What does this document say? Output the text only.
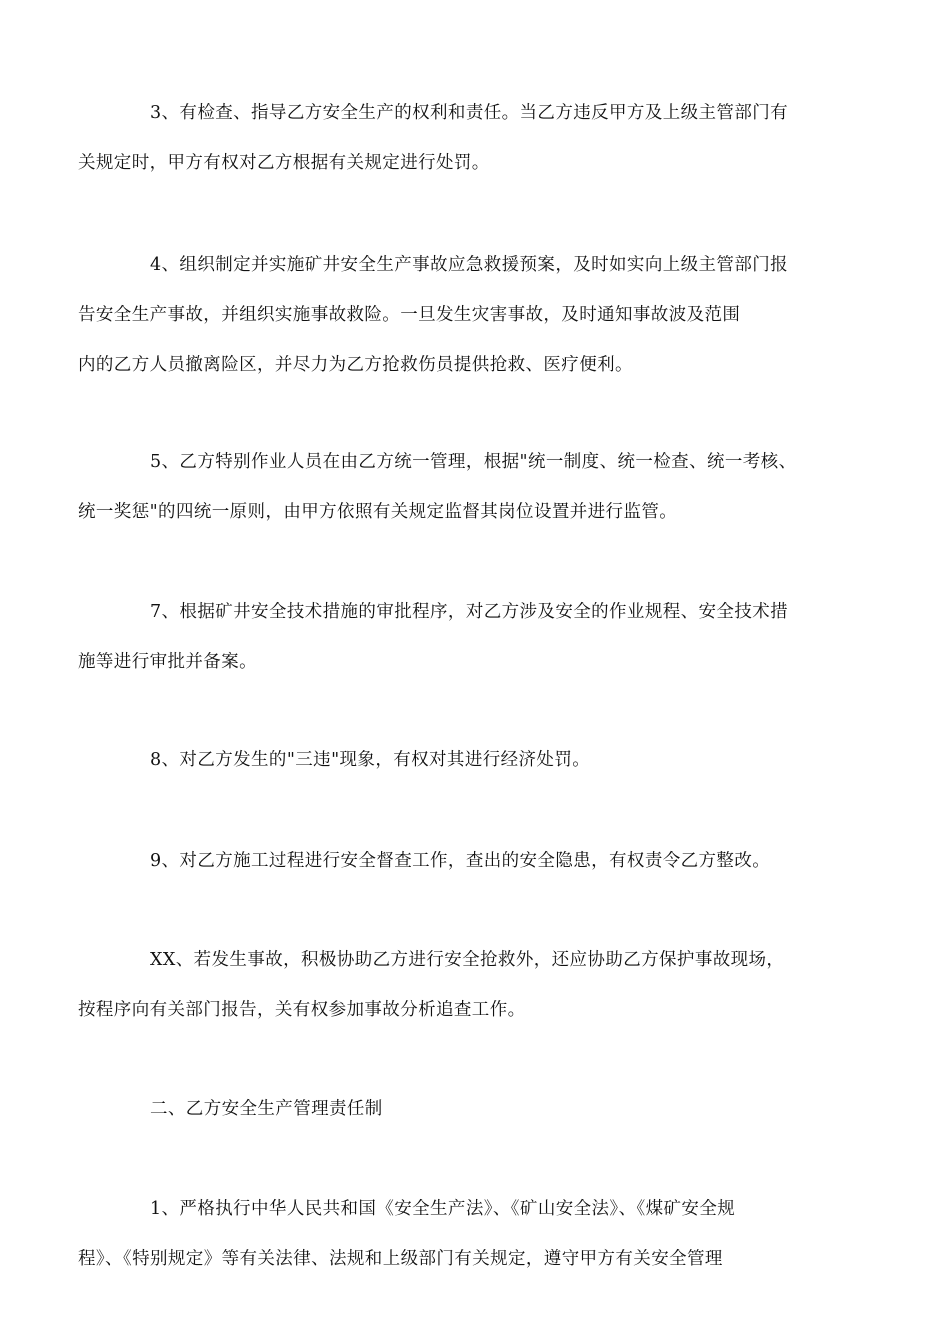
3、有检查、指导乙方安全生产的权利和责任。当乙方违反甲方及上级主管部门有
关规定时，甲方有权对乙方根据有关规定进行处罚。
4、组织制定并实施矿井安全生产事故应急救援预案，及时如实向上级主管部门报
告安全生产事故，并组织实施事故救险。一旦发生灾害事故，及时通知事故波及范围
内的乙方人员撤离险区，并尽力为乙方抢救伤员提供抢救、医疗便利。
5、乙方特别作业人员在由乙方统一管理，根据"统一制度、统一检查、统一考核、
统一奖惩"的四统一原则，由甲方依照有关规定监督其岗位设置并进行监管。
7、根据矿井安全技术措施的审批程序，对乙方涉及安全的作业规程、安全技术措
施等进行审批并备案。
8、对乙方发生的"三违"现象，有权对其进行经济处罚。
9、对乙方施工过程进行安全督查工作，查出的安全隐患，有权责令乙方整改。
XX、若发生事故，积极协助乙方进行安全抢救外，还应协助乙方保护事故现场，
按程序向有关部门报告，关有权参加事故分析追查工作。
二、乙方安全生产管理责任制
1、严格执行中华人民共和国《安全生产法》、《矿山安全法》、《煤矿安全规
程》、《特别规定》等有关法律、法规和上级部门有关规定，遵守甲方有关安全管理
